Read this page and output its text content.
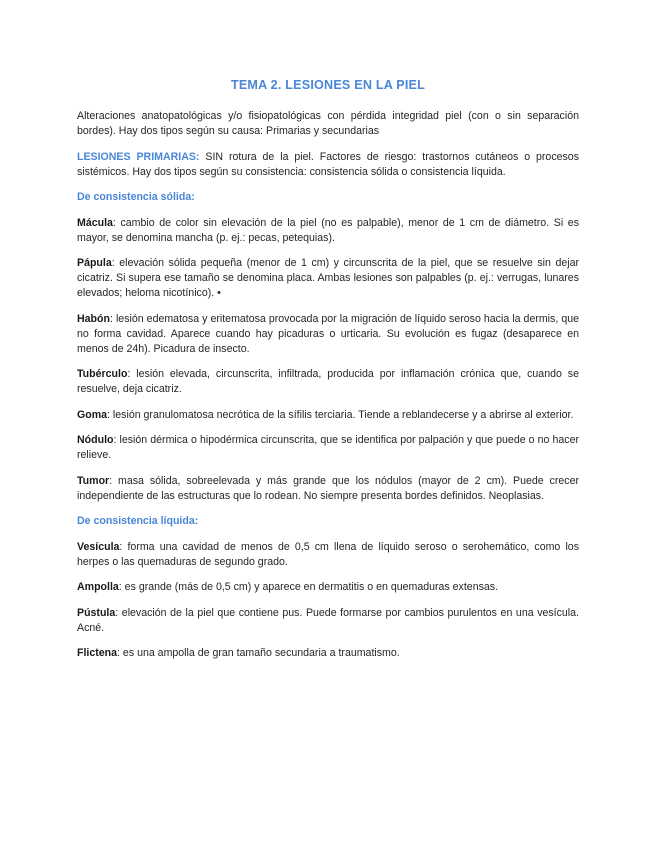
TEMA 2. LESIONES EN LA PIEL

Alteraciones anatopatológicas y/o fisiopatológicas con pérdida integridad piel (con o sin separación bordes). Hay dos tipos según su causa: Primarias y secundarias

LESIONES PRIMARIAS: SIN rotura de la piel. Factores de riesgo: trastornos cutáneos o procesos sistémicos. Hay dos tipos según su consistencia: consistencia sólida o consistencia líquida.

De consistencia sólida:

Mácula: cambio de color sin elevación de la piel (no es palpable), menor de 1 cm de diámetro. Si es mayor, se denomina mancha (p. ej.: pecas, petequias).

Pápula: elevación sólida pequeña (menor de 1 cm) y circunscrita de la piel, que se resuelve sin dejar cicatriz. Si supera ese tamaño se denomina placa. Ambas lesiones son palpables (p. ej.: verrugas, lunares elevados; heloma nicotínico). •

Habón: lesión edematosa y eritematosa provocada por la migración de líquido seroso hacia la dermis, que no forma cavidad. Aparece cuando hay picaduras o urticaria. Su evolución es fugaz (desaparece en menos de 24h). Picadura de insecto.

Tubérculo: lesión elevada, circunscrita, infiltrada, producida por inflamación crónica que, cuando se resuelve, deja cicatriz.

Goma: lesión granulomatosa necrótica de la sífilis terciaria. Tiende a reblandecerse y a abrirse al exterior.

Nódulo: lesión dérmica o hipodérmica circunscrita, que se identifica por palpación y que puede o no hacer relieve.

Tumor: masa sólida, sobreelevada y más grande que los nódulos (mayor de 2 cm). Puede crecer independiente de las estructuras que lo rodean. No siempre presenta bordes definidos. Neoplasias.

De consistencia líquida:

Vesícula: forma una cavidad de menos de 0,5 cm llena de líquido seroso o serohemático, como los herpes o las quemaduras de segundo grado.

Ampolla: es grande (más de 0,5 cm) y aparece en dermatitis o en quemaduras extensas.

Pústula: elevación de la piel que contiene pus. Puede formarse por cambios purulentos en una vesícula. Acné.

Flictena: es una ampolla de gran tamaño secundaria a traumatismo.
